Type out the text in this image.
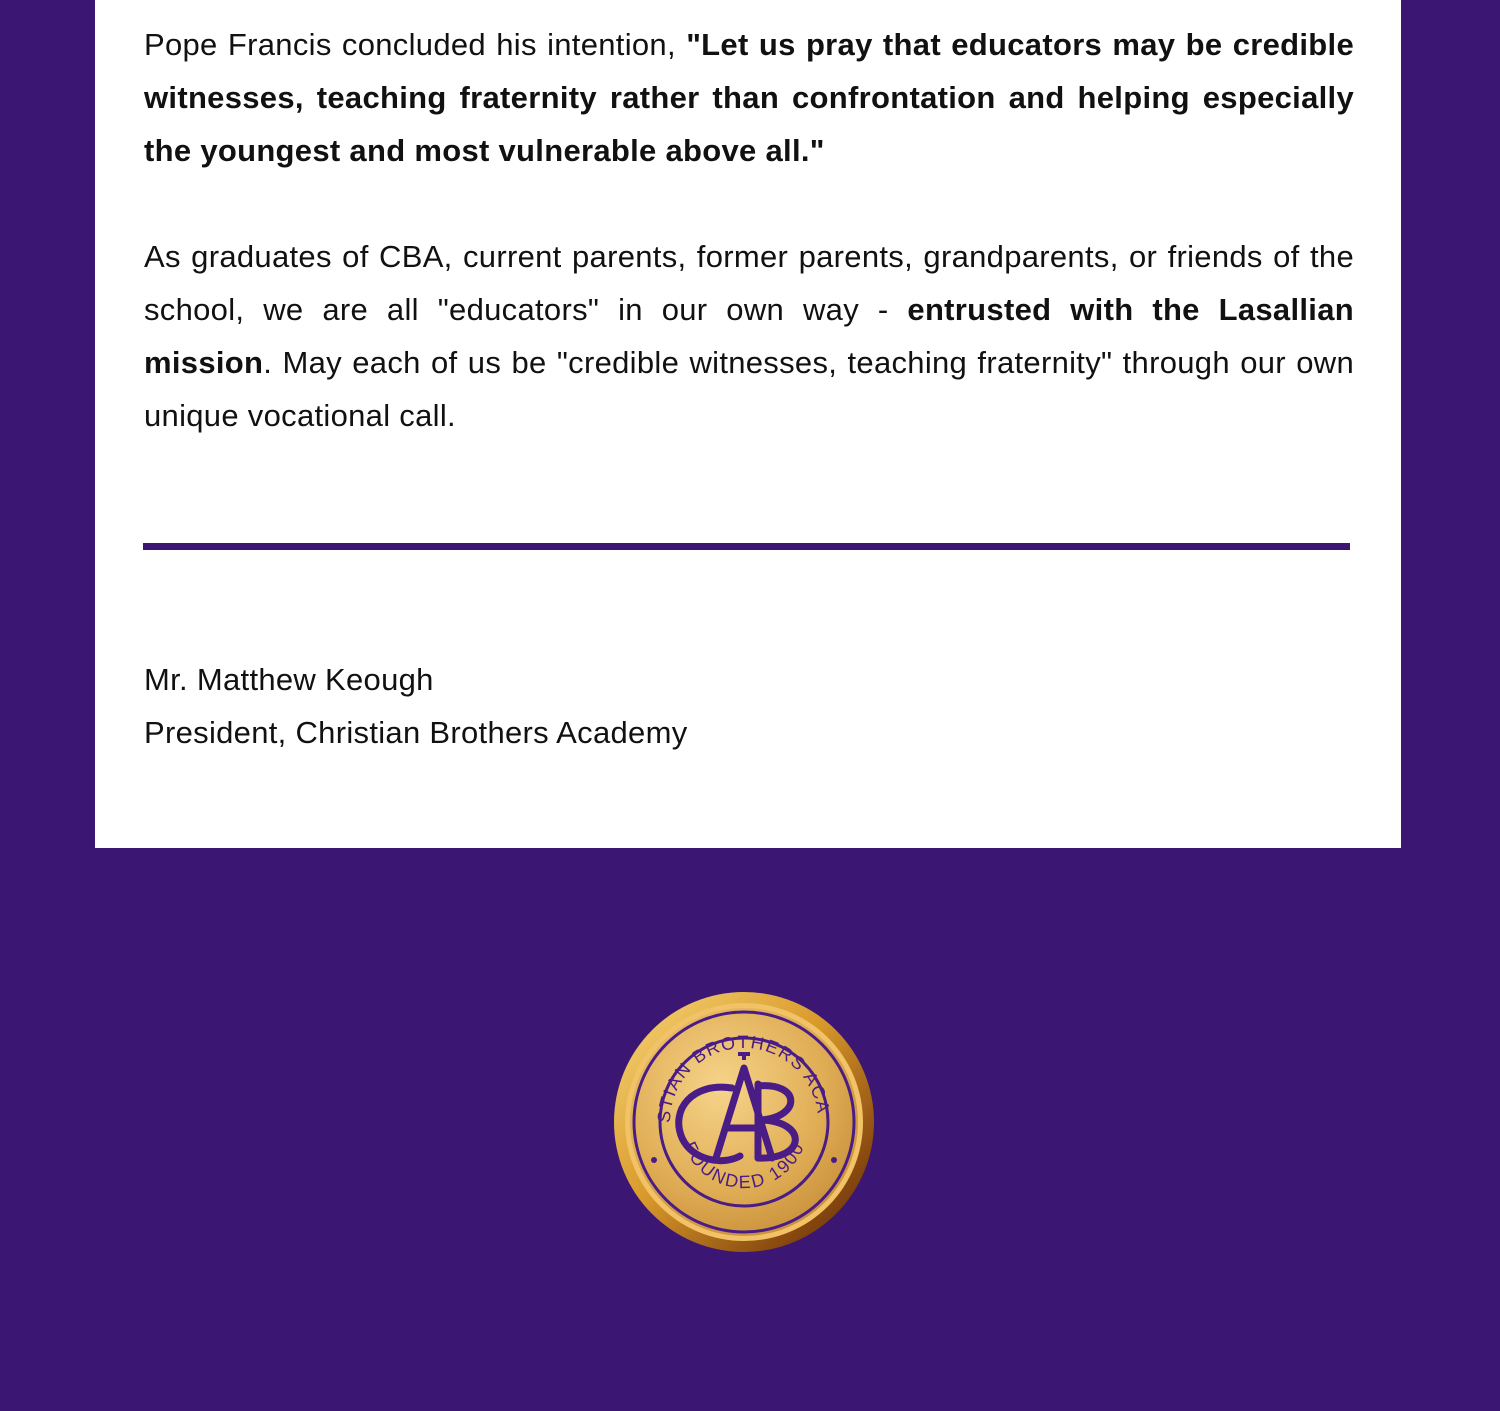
Pope Francis concluded his intention, "Let us pray that educators may be credible witnesses, teaching fraternity rather than confrontation and helping especially the youngest and most vulnerable above all."

As graduates of CBA, current parents, former parents, grandparents, or friends of the school, we are all "educators" in our own way - entrusted with the Lasallian mission. May each of us be "credible witnesses, teaching fraternity" through our own unique vocational call.

Mr. Matthew Keough
President, Christian Brothers Academy
STIAN BROTHERS ACA
FOUNDED 1900
